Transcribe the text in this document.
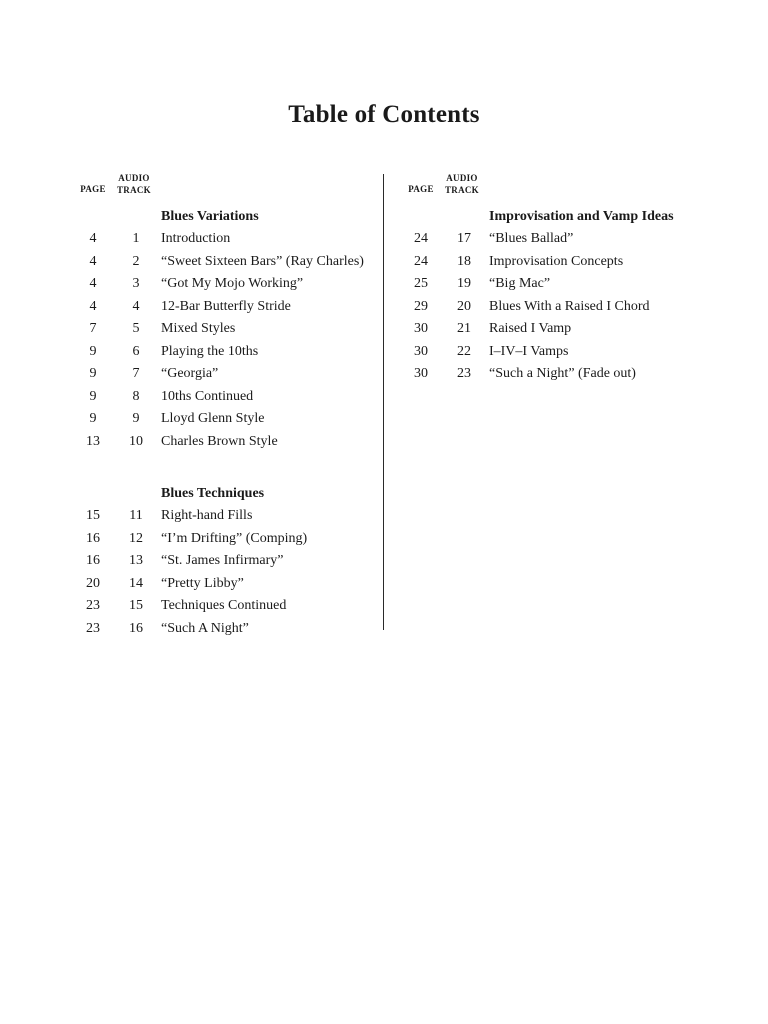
Table of Contents
PAGE
AUDIO
TRACK
Blues Variations
4	1	Introduction
4	2	“Sweet Sixteen Bars” (Ray Charles)
4	3	“Got My Mojo Working”
4	4	12-Bar Butterfly Stride
7	5	Mixed Styles
9	6	Playing the 10ths
9	7	“Georgia”
9	8	10ths Continued
9	9	Lloyd Glenn Style
13	10	Charles Brown Style
Blues Techniques
15	11	Right-hand Fills
16	12	“I’m Drifting” (Comping)
16	13	“St. James Infirmary”
20	14	“Pretty Libby”
23	15	Techniques Continued
23	16	“Such A Night”
PAGE
AUDIO
TRACK
Improvisation and Vamp Ideas
24	17	“Blues Ballad”
24	18	Improvisation Concepts
25	19	“Big Mac”
29	20	Blues With a Raised I Chord
30	21	Raised I Vamp
30	22	I–IV–I Vamps
30	23	“Such a Night” (Fade out)
